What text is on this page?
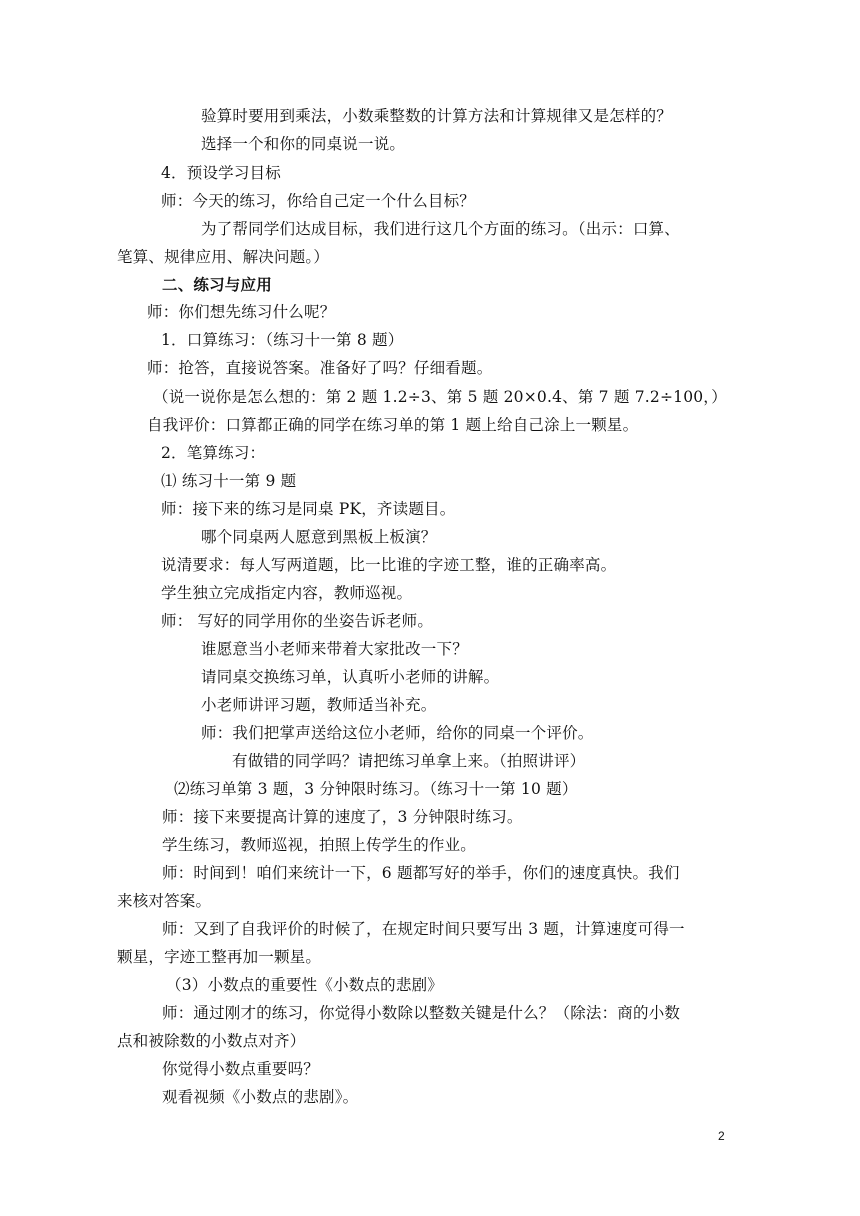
验算时要用到乘法，小数乘整数的计算方法和计算规律又是怎样的？
选择一个和你的同桌说一说。
4．预设学习目标
师：今天的练习，你给自己定一个什么目标？
为了帮同学们达成目标，我们进行这几个方面的练习。（出示：口算、
笔算、规律应用、解决问题。）
二、练习与应用
师：你们想先练习什么呢？
1．口算练习：（练习十一第 8 题）
师：抢答，直接说答案。准备好了吗？仔细看题。
（说一说你是怎么想的：第 2 题 1.2÷3、第 5 题 20×0.4、第 7 题 7.2÷100，）
自我评价：口算都正确的同学在练习单的第 1 题上给自己涂上一颗星。
2．笔算练习：
⑴ 练习十一第 9 题
师：接下来的练习是同桌 PK，齐读题目。
哪个同桌两人愿意到黑板上板演？
说清要求：每人写两道题，比一比谁的字迹工整，谁的正确率高。
学生独立完成指定内容，教师巡视。
师： 写好的同学用你的坐姿告诉老师。
谁愿意当小老师来带着大家批改一下？
请同桌交换练习单，认真听小老师的讲解。
小老师讲评习题，教师适当补充。
师：我们把掌声送给这位小老师，给你的同桌一个评价。
有做错的同学吗？请把练习单拿上来。（拍照讲评）
⑵练习单第 3 题，3 分钟限时练习。（练习十一第 10 题）
师：接下来要提高计算的速度了，3 分钟限时练习。
学生练习，教师巡视，拍照上传学生的作业。
师：时间到！咱们来统计一下，6 题都写好的举手，你们的速度真快。我们
来核对答案。
师：又到了自我评价的时候了，在规定时间只要写出 3 题，计算速度可得一
颗星，字迹工整再加一颗星。
（3）小数点的重要性《小数点的悲剧》
师：通过刚才的练习，你觉得小数除以整数关键是什么？（除法：商的小数
点和被除数的小数点对齐）
你觉得小数点重要吗？
观看视频《小数点的悲剧》。
2
